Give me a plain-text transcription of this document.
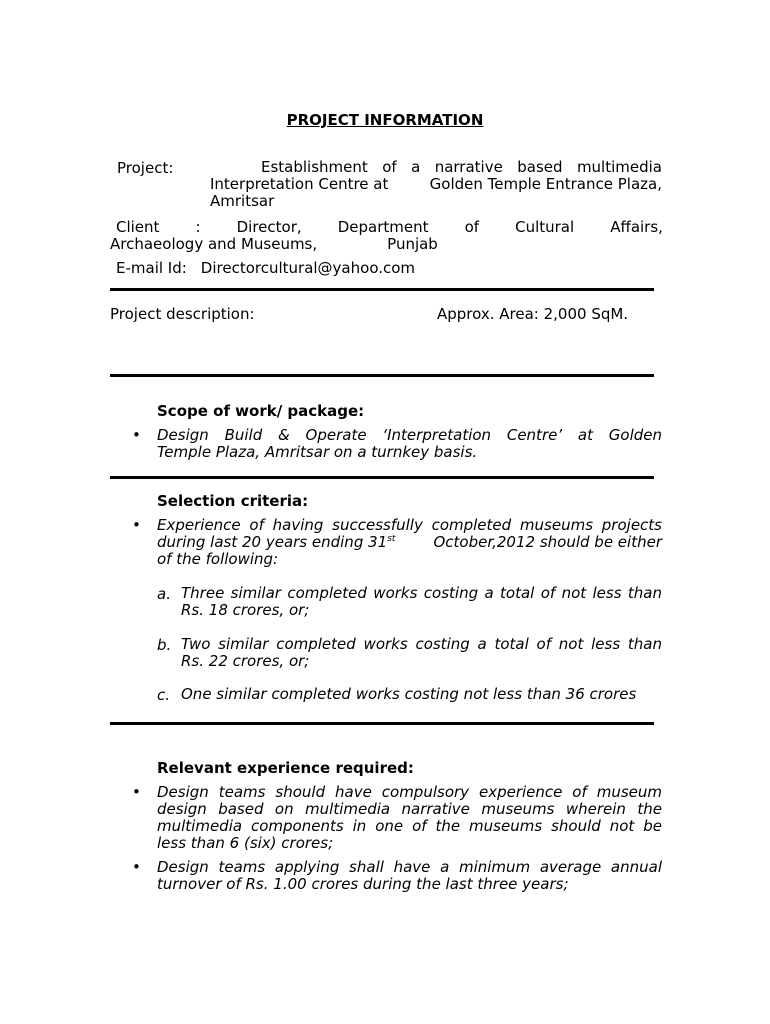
PROJECT INFORMATION
Project:	Establishment of a narrative based multimedia
Interpretation Centre at	Golden Temple Entrance Plaza,
Amritsar
Client : Director, Department of Cultural Affairs,
Archaeology and Museums,	Punjab
E-mail Id: Directorcultural@yahoo.com
Project description:	Approx. Area: 2,000 SqM.
Scope of work/ package:
• Design Build & Operate ‘Interpretation Centre’ at Golden
Temple Plaza, Amritsar on a turnkey basis.
Selection criteria:
• Experience of having successfully completed museums projects
during last 20 years ending 31st	October,2012 should be either
of the following:
a. Three similar completed works costing a total of not less than
Rs. 18 crores, or;
b. Two similar completed works costing a total of not less than
Rs. 22 crores, or;
c. One similar completed works costing not less than 36 crores
Relevant experience required:
• Design teams should have compulsory experience of museum
design based on multimedia narrative museums wherein the
multimedia components in one of the museums should not be
less than 6 (six) crores;
• Design teams applying shall have a minimum average annual
turnover of Rs. 1.00 crores during the last three years;
